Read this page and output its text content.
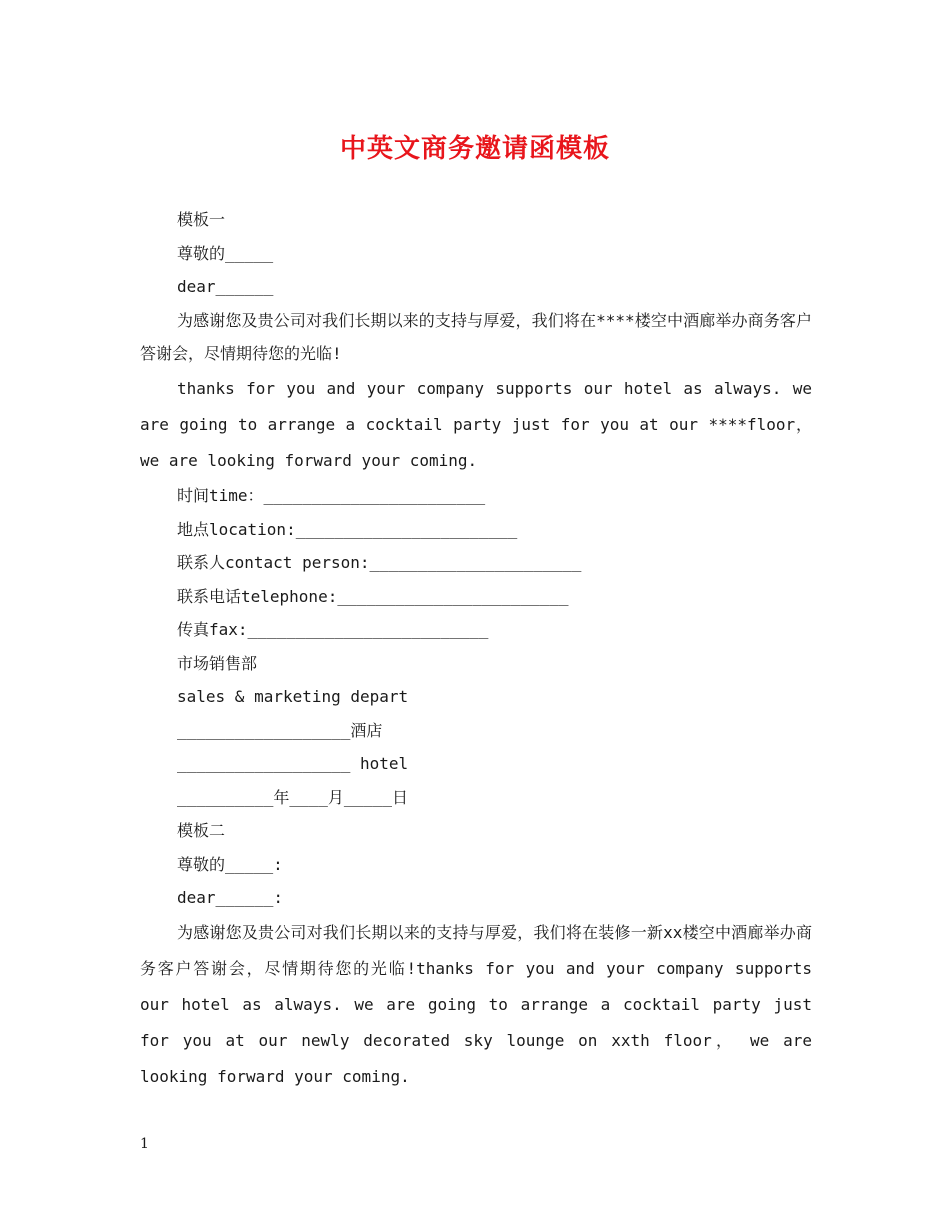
中英文商务邀请函模板
模板一
尊敬的_____
dear______

为感谢您及贵公司对我们长期以来的支持与厚爱，我们将在****楼空中酒廊举办商务客户答谢会，尽情期待您的光临!

thanks for you and your company supports our hotel as always. we are going to arrange a cocktail party just for you at our ****floor， we are looking forward your coming.

时间time：_______________________
地点location:_______________________
联系人contact person:______________________
联系电话telephone:________________________
传真fax:_________________________
市场销售部
sales & marketing depart
__________________酒店
__________________ hotel
__________年____月_____日
模板二
尊敬的_____:
dear______:

为感谢您及贵公司对我们长期以来的支持与厚爱，我们将在装修一新xx楼空中酒廊举办商务客户答谢会，尽情期待您的光临!thanks for you and your company supports our hotel as always. we are going to arrange a cocktail party just for you at our newly decorated sky lounge on xxth floor， we are looking forward your coming.

1
